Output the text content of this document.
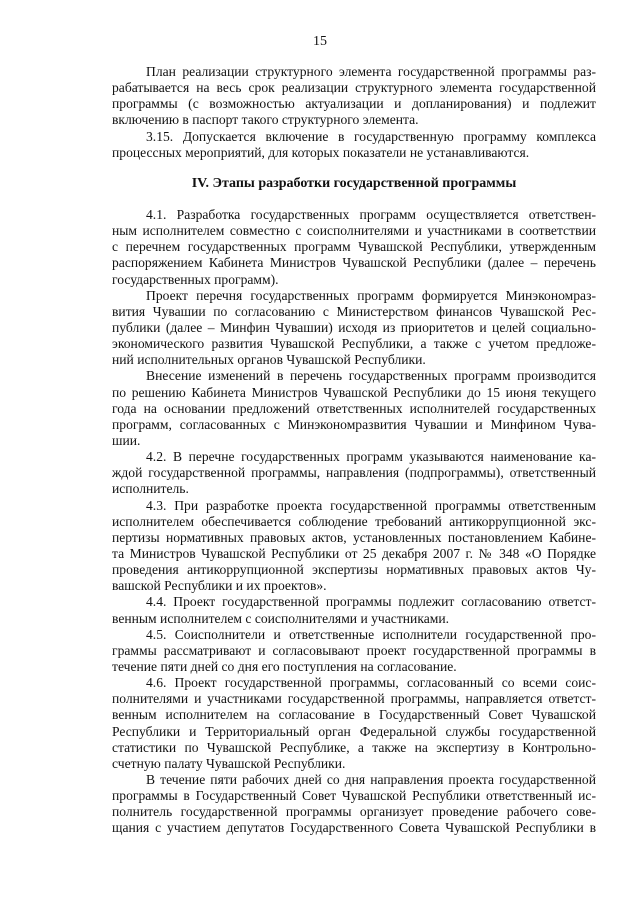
15
План реализации структурного элемента государственной программы раз-
рабатывается на весь срок реализации структурного элемента государственной
программы (с возможностью актуализации и допланирования) и подлежит
включению в паспорт такого структурного элемента.
3.15. Допускается включение в государственную программу комплекса
процессных мероприятий, для которых показатели не устанавливаются.
IV. Этапы разработки государственной программы
4.1. Разработка государственных программ осуществляется ответствен-
ным исполнителем совместно с соисполнителями и участниками в соответствии
с перечнем государственных программ Чувашской Республики, утвержденным
распоряжением Кабинета Министров Чувашской Республики (далее – перечень
государственных программ).
Проект перечня государственных программ формируется Минэкономраз-
вития Чувашии по согласованию с Министерством финансов Чувашской Рес-
публики (далее – Минфин Чувашии) исходя из приоритетов и целей социально-
экономического развития Чувашской Республики, а также с учетом предложе-
ний исполнительных органов Чувашской Республики.
Внесение изменений в перечень государственных программ производится
по решению Кабинета Министров Чувашской Республики до 15 июня текущего
года на основании предложений ответственных исполнителей государственных
программ, согласованных с Минэкономразвития Чувашии и Минфином Чува-
шии.
4.2. В перечне государственных программ указываются наименование ка-
ждой государственной программы, направления (подпрограммы), ответственный
исполнитель.
4.3. При разработке проекта государственной программы ответственным
исполнителем обеспечивается соблюдение требований антикоррупционной экс-
пертизы нормативных правовых актов, установленных постановлением Кабине-
та Министров Чувашской Республики от 25 декабря 2007 г. № 348 «О Порядке
проведения антикоррупционной экспертизы нормативных правовых актов Чу-
вашской Республики и их проектов».
4.4. Проект государственной программы подлежит согласованию ответст-
венным исполнителем с соисполнителями и участниками.
4.5. Соисполнители и ответственные исполнители государственной про-
граммы рассматривают и согласовывают проект государственной программы в
течение пяти дней со дня его поступления на согласование.
4.6. Проект государственной программы, согласованный со всеми соис-
полнителями и участниками государственной программы, направляется ответст-
венным исполнителем на согласование в Государственный Совет Чувашской
Республики и Территориальный орган Федеральной службы государственной
статистики по Чувашской Республике, а также на экспертизу в Контрольно-
счетную палату Чувашской Республики.
В течение пяти рабочих дней со дня направления проекта государственной
программы в Государственный Совет Чувашской Республики ответственный ис-
полнитель государственной программы организует проведение рабочего сове-
щания с участием депутатов Государственного Совета Чувашской Республики в
